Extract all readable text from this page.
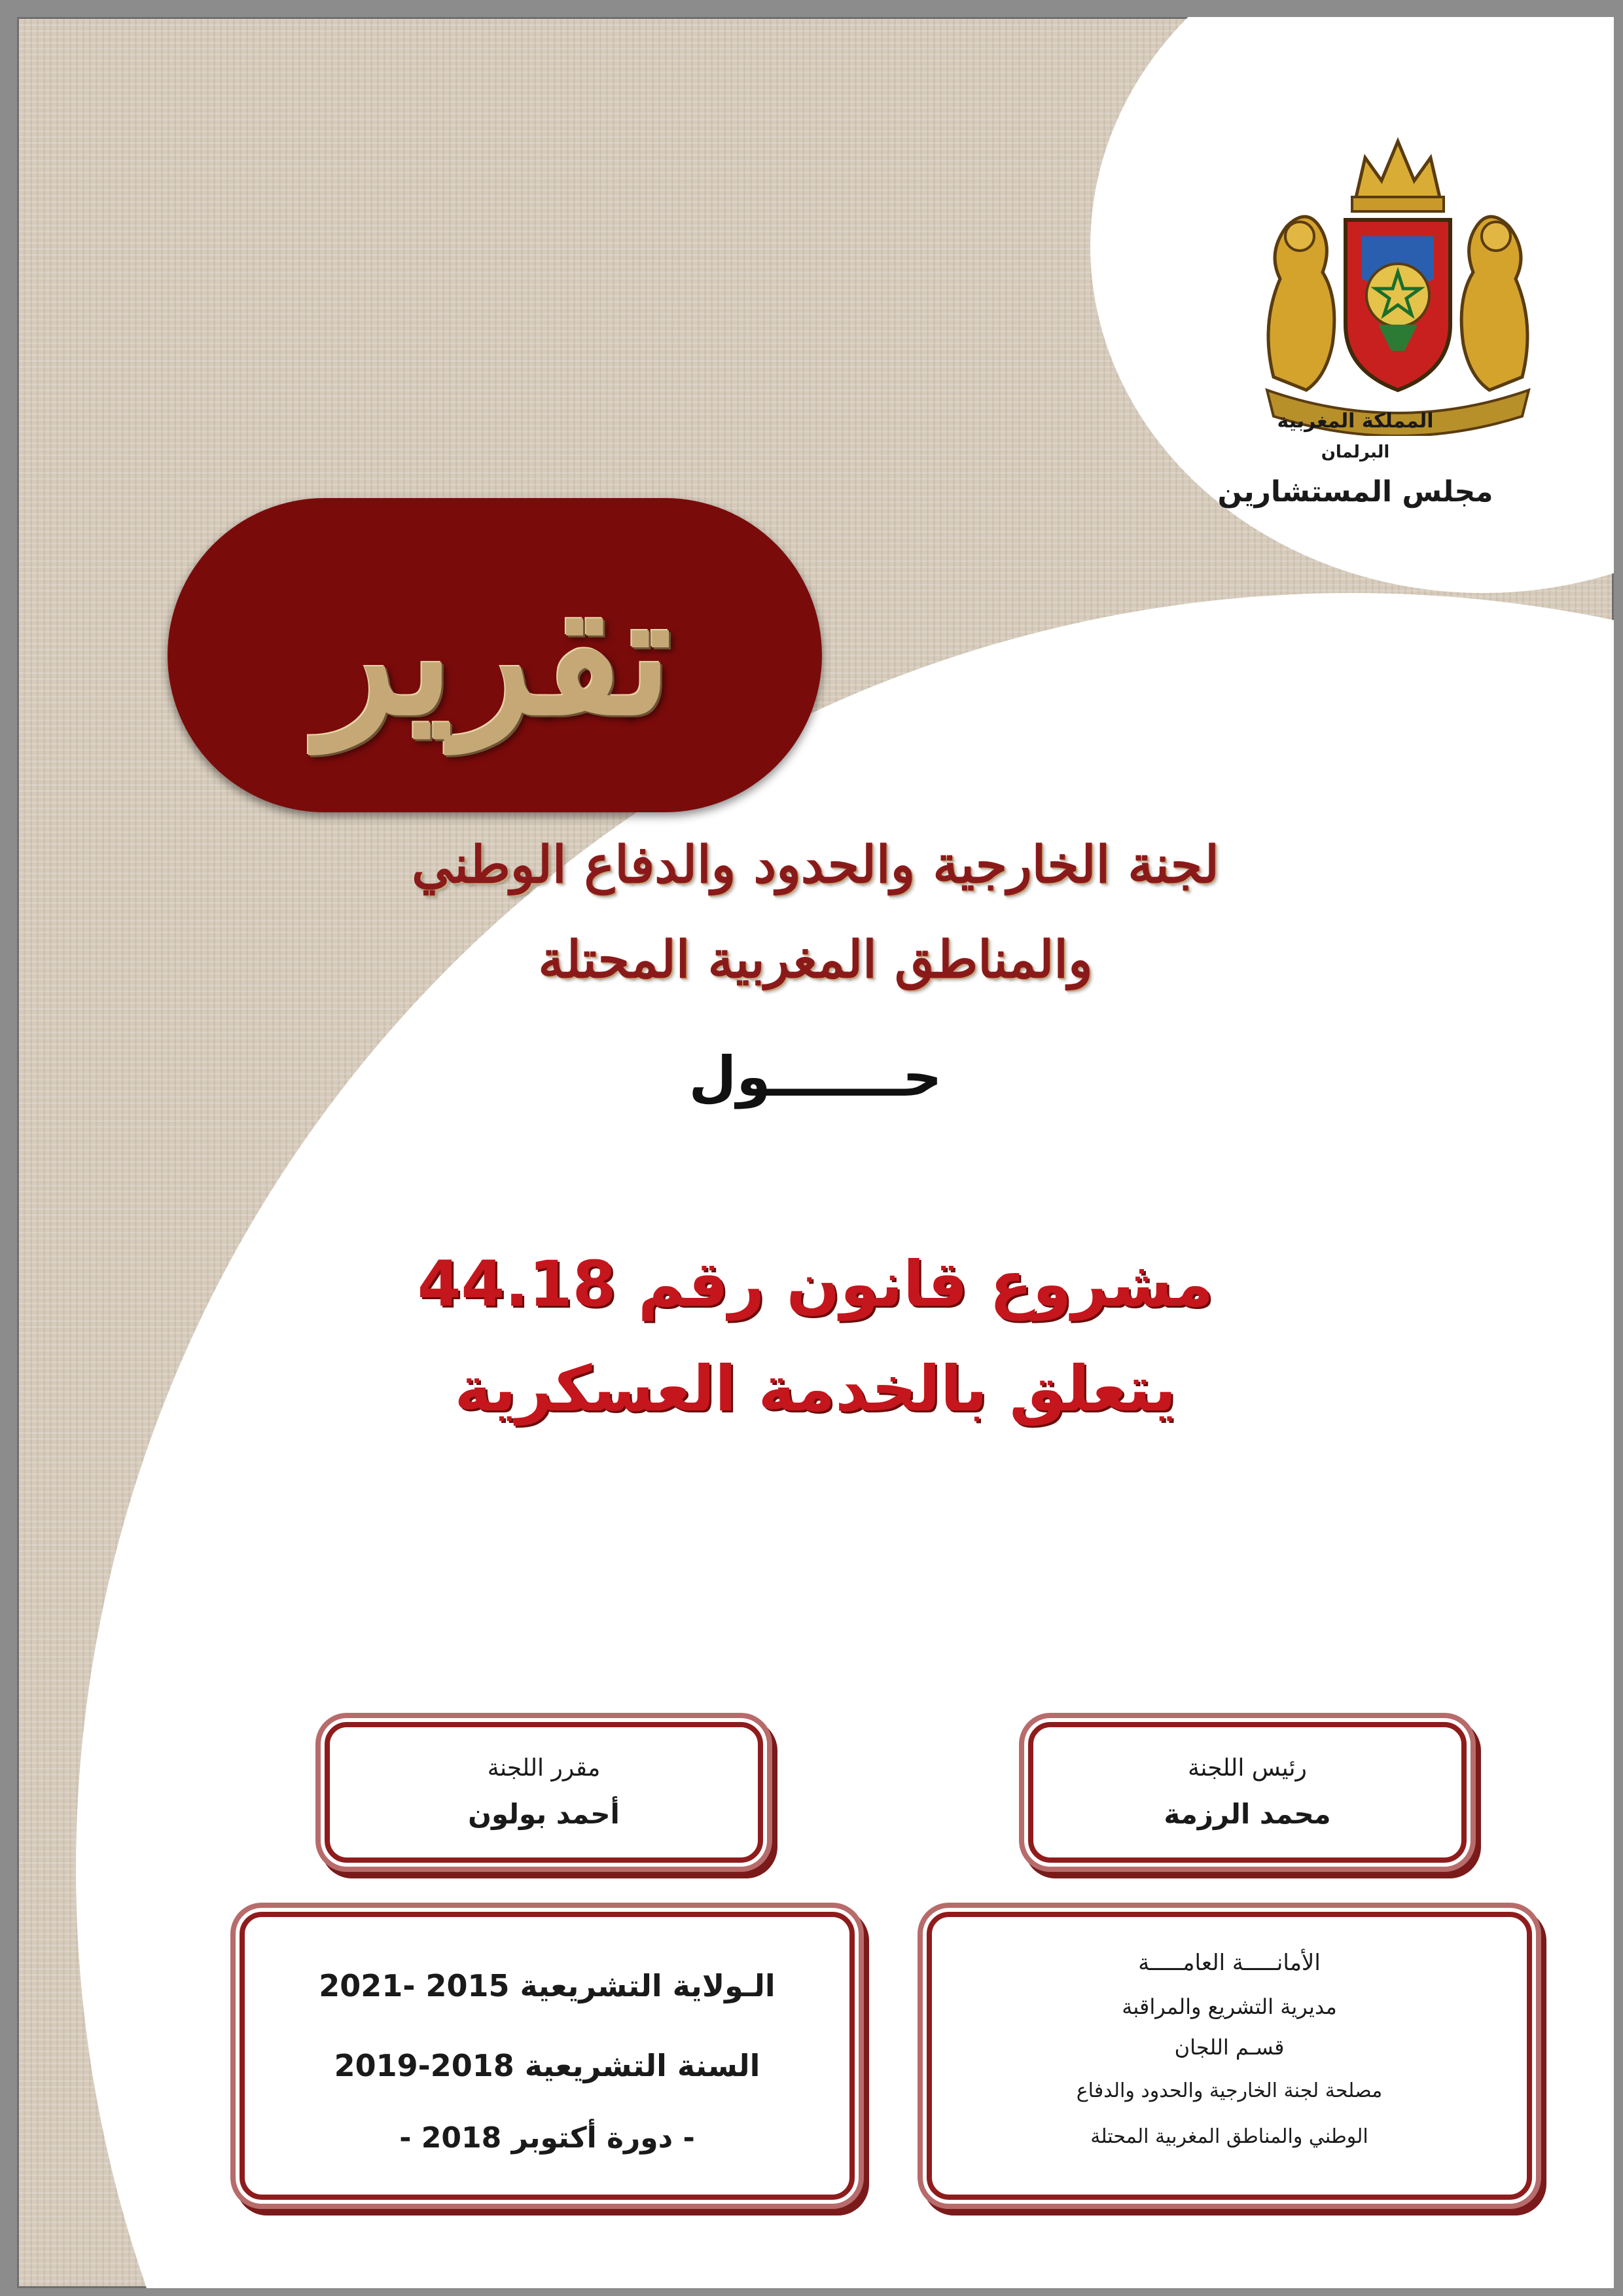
المملكة المغربية
البرلمان
مجلس المستشارين
تقرير
لجنة الخارجية والحدود والدفاع الوطني
والمناطق المغربية المحتلة
حـــــــول
مشروع قانون رقم 44.18
يتعلق بالخدمة العسكرية
رئيس اللجنة
محمد الرزمة
مقرر اللجنة
أحمد بولون
الـولاية التشريعية 2015 -2021
السنة التشريعية 2018-2019
- دورة أكتوبر 2018 -
الأمانـــــة العامـــــة
مديرية التشريع والمراقبة
قسـم اللجان
مصلحة لجنة الخارجية والحدود والدفاع
الوطني والمناطق المغربية المحتلة
